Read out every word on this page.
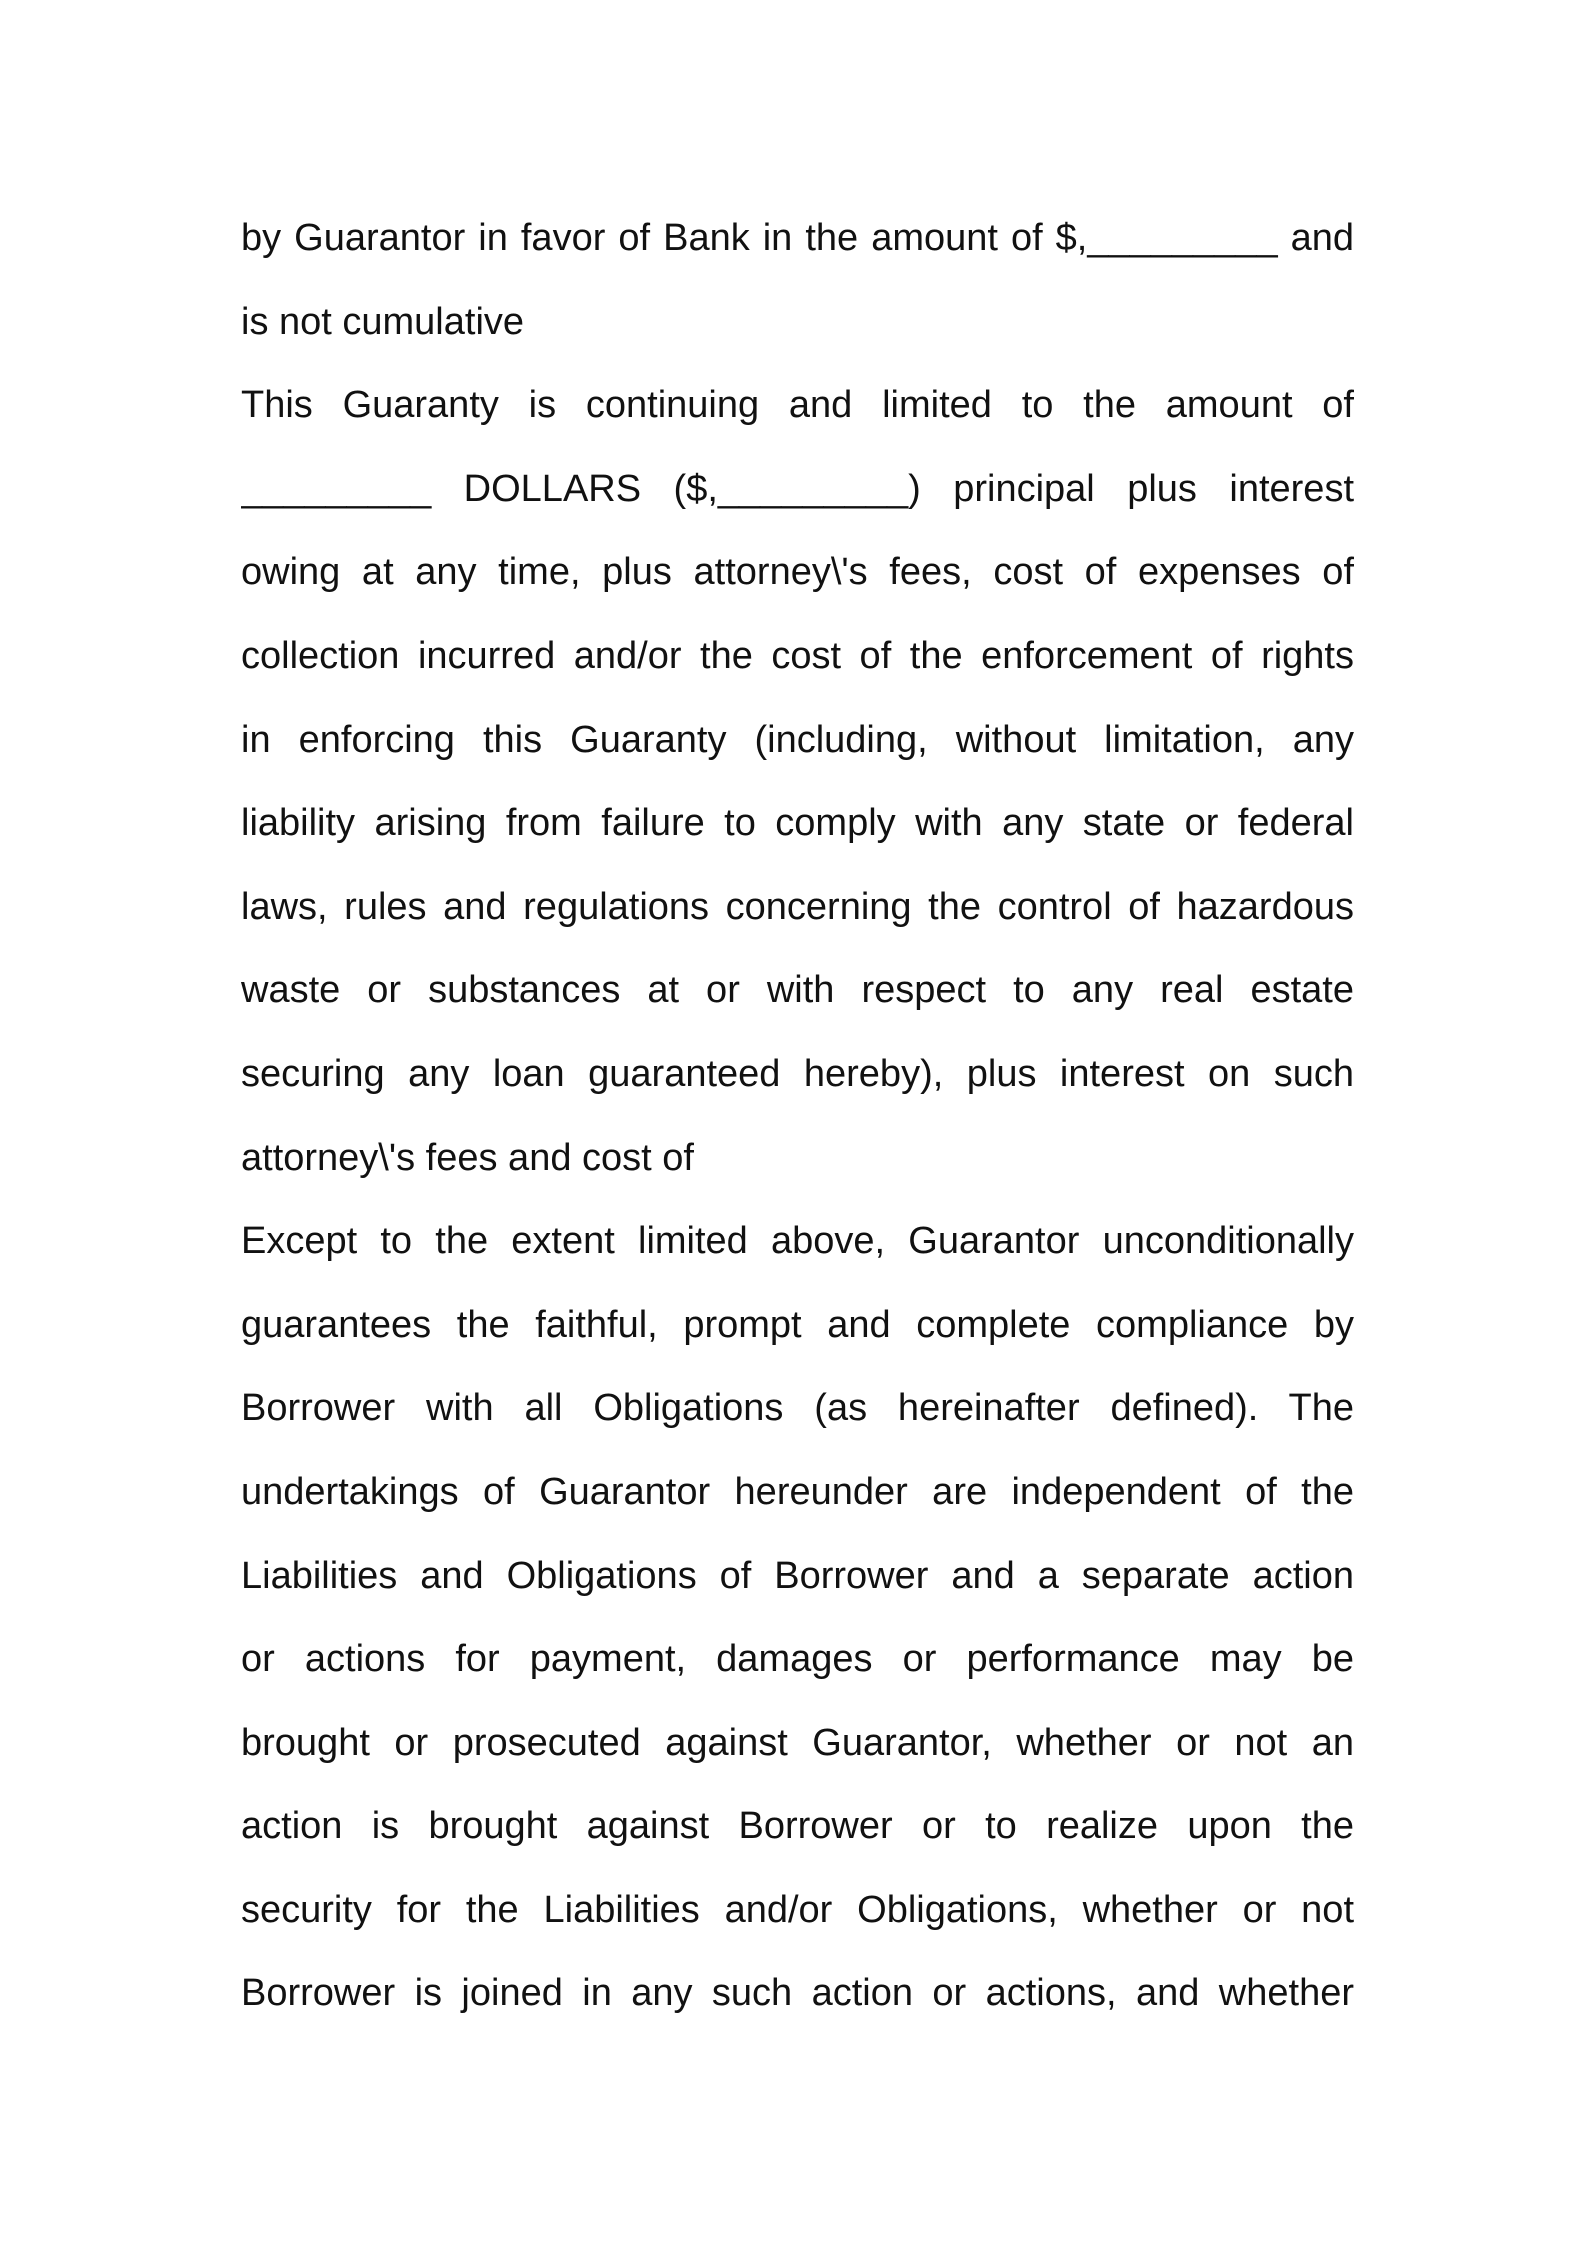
by Guarantor in favor of Bank in the amount of $,_________ and
is not cumulative
This Guaranty is continuing and limited to the amount of
_________ DOLLARS ($,_________) principal plus interest
owing at any time, plus attorney\'s fees, cost of expenses of
collection incurred and/or the cost of the enforcement of rights
in enforcing this Guaranty (including, without limitation, any
liability arising from failure to comply with any state or federal
laws, rules and regulations concerning the control of hazardous
waste or substances at or with respect to any real estate
securing any loan guaranteed hereby), plus interest on such
attorney\'s fees and cost of
Except to the extent limited above, Guarantor unconditionally
guarantees the faithful, prompt and complete compliance by
Borrower with all Obligations (as hereinafter defined). The
undertakings of Guarantor hereunder are independent of the
Liabilities and Obligations of Borrower and a separate action
or actions for payment, damages or performance may be
brought or prosecuted against Guarantor, whether or not an
action is brought against Borrower or to realize upon the
security for the Liabilities and/or Obligations, whether or not
Borrower is joined in any such action or actions, and whether
